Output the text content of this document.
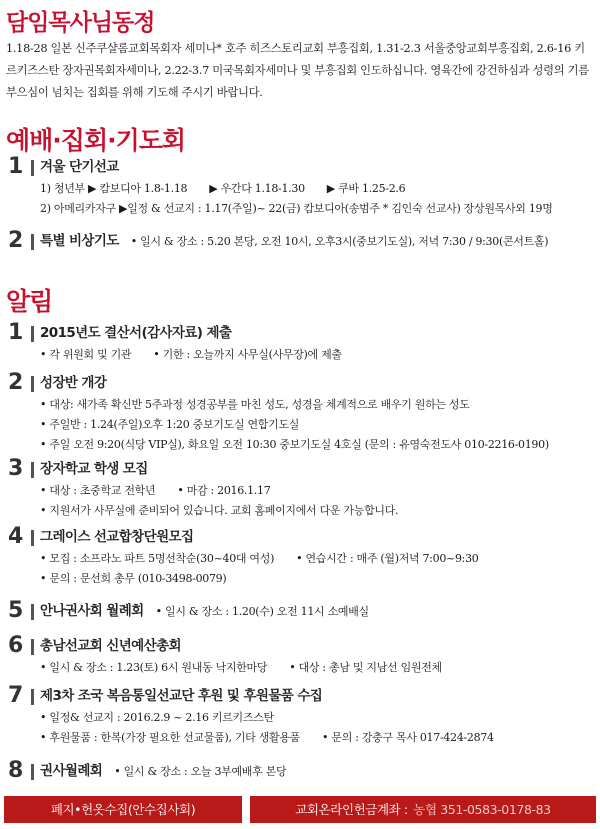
담임목사님동정
1.18-28 일본 신주쿠샬롬교회목회자 세미나* 호주 히즈스토리교회 부흥집회, 1.31-2.3 서울중앙교회부흥집회, 2.6-16 키르키즈스탄 장자권목회자세미나, 2.22-3.7 미국목회자세미나 및 부흥집회 인도하십니다. 영육간에 강건하심과 성령의 기름 부으심이 넘치는 집회를 위해 기도해 주시기 바랍니다.
예배·집회·기도회
1 겨울 단기선교
1) 청년부 ▶ 캄보디아 1.8-1.18 ▶ 우간다 1.18-1.30 ▶ 쿠바 1.25-2.6
2) 아메리카자구 ▶일정 & 선교지 : 1.17(주일)~ 22(금) 캄보디아(송범주 * 김인숙 선교사) 장상원목사외 19명
2 특별 비상기도 • 일시 & 장소 : 5.20 본당, 오전 10시, 오후3시(중보기도실), 저녁 7:30 / 9:30(콘서트홀)
알림
1 2015년도 결산서(감사자료) 제출
• 각 위원회 및 기관 • 기한 : 오늘까지 사무실(사무장)에 제출
2 성장반 개강
• 대상: 새가족 확신반 5주과정 성경공부를 마친 성도, 성경을 체계적으로 배우기 원하는 성도
• 주일반 : 1.24(주일)오후 1:20 중보기도실 연합기도실
• 주일 오전 9:20(식당 VIP실), 화요일 오전 10:30 중보기도실 4호실 (문의 : 유영숙전도사 010-2216-0190)
3 장자학교 학생 모집
• 대상 : 초중학교 전학년 • 마감 : 2016.1.17
• 지원서가 사무실에 준비되어 있습니다. 교회 홈페이지에서 다운 가능합니다.
4 그레이스 선교합창단원모집
• 모집 : 소프라노 파트 5명선착순(30~40대 여성) • 연습시간 : 매주 (월)저녁 7:00~9:30
• 문의 : 문선희 총무 (010-3498-0079)
5 안나권사회 월례회 • 일시 & 장소 : 1.20(수) 오전 11시 소예배실
6 총남선교회 신년예산총회
• 일시 & 장소 : 1.23(토) 6시 원내동 낙지한마당 • 대상 : 총남 및 지남선 임원전체
7 제3차 조국 복음통일선교단 후원 및 후원물품 수집
• 일정& 선교지 : 2016.2.9 ~ 2.16 키르키즈스탄
• 후원물품 : 한복(가장 필요한 선교물품), 기타 생활용품 • 문의 : 강충구 목사 017-424-2874
8 권사월례회 • 일시 & 장소 : 오늘 3부예배후 본당
폐지•헌옷수집(안수집사회)	교회온라인헌금계좌 : 농협 351-0583-0178-83
